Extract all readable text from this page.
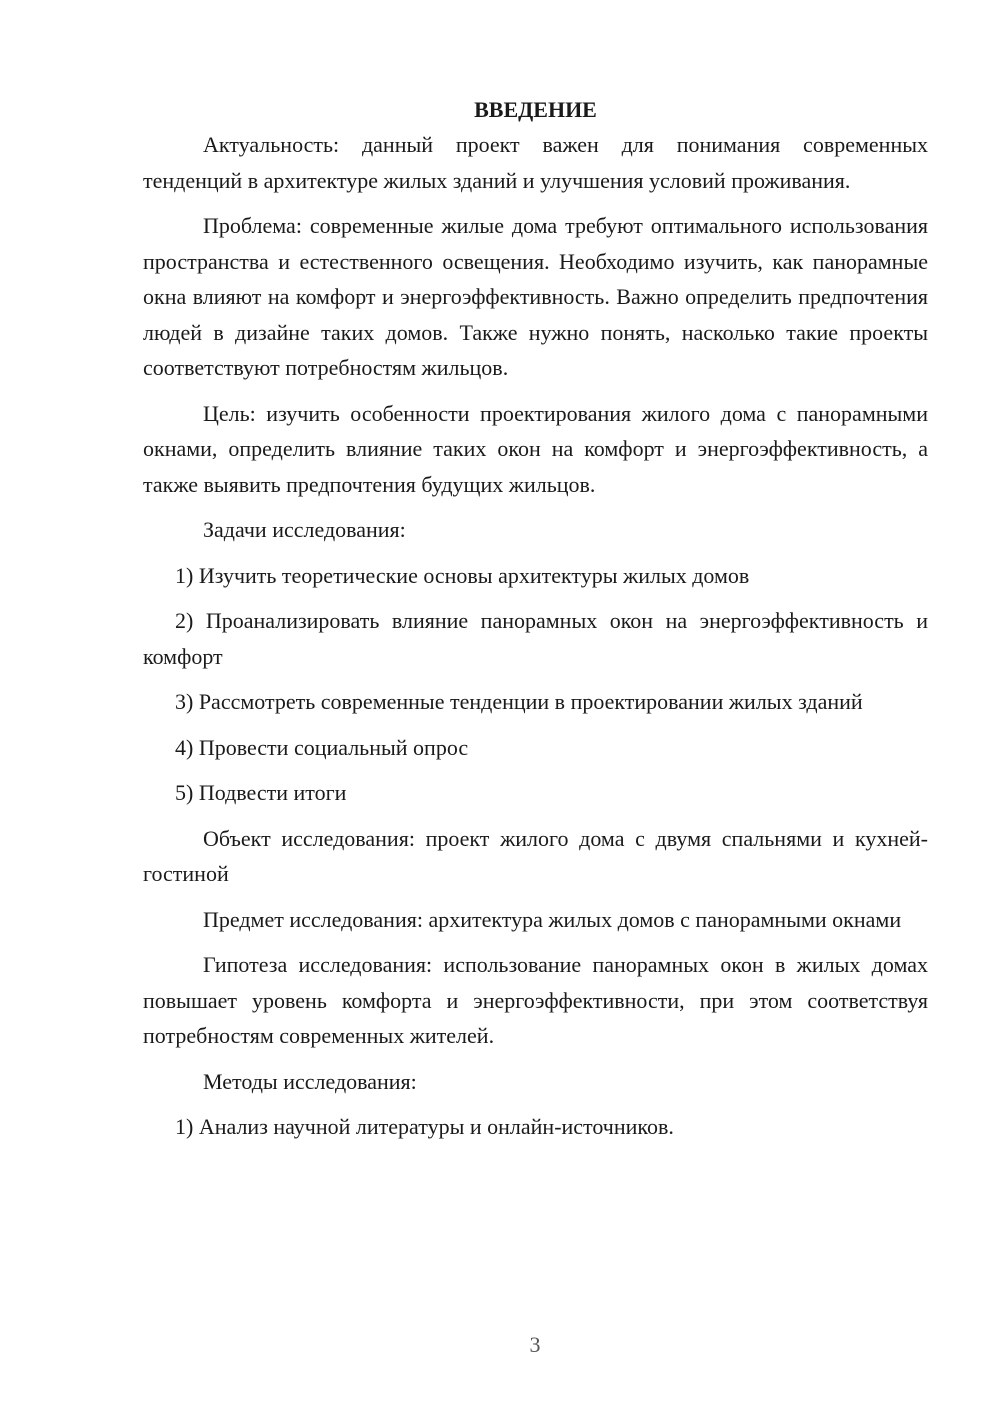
ВВЕДЕНИЕ

Актуальность: данный проект важен для понимания современных тенденций в архитектуре жилых зданий и улучшения условий проживания.

Проблема: современные жилые дома требуют оптимального использования пространства и естественного освещения. Необходимо изучить, как панорамные окна влияют на комфорт и энергоэффективность. Важно определить предпочтения людей в дизайне таких домов. Также нужно понять, насколько такие проекты соответствуют потребностям жильцов.

Цель: изучить особенности проектирования жилого дома с панорамными окнами, определить влияние таких окон на комфорт и энергоэффективность, а также выявить предпочтения будущих жильцов.

Задачи исследования:

1) Изучить теоретические основы архитектуры жилых домов

2) Проанализировать влияние панорамных окон на энергоэффективность и комфорт

3) Рассмотреть современные тенденции в проектировании жилых зданий

4) Провести социальный опрос

5) Подвести итоги

Объект исследования: проект жилого дома с двумя спальнями и кухней-гостиной

Предмет исследования: архитектура жилых домов с панорамными окнами

Гипотеза исследования: использование панорамных окон в жилых домах повышает уровень комфорта и энергоэффективности, при этом соответствуя потребностям современных жителей.

Методы исследования:

1) Анализ научной литературы и онлайн-источников.

3
